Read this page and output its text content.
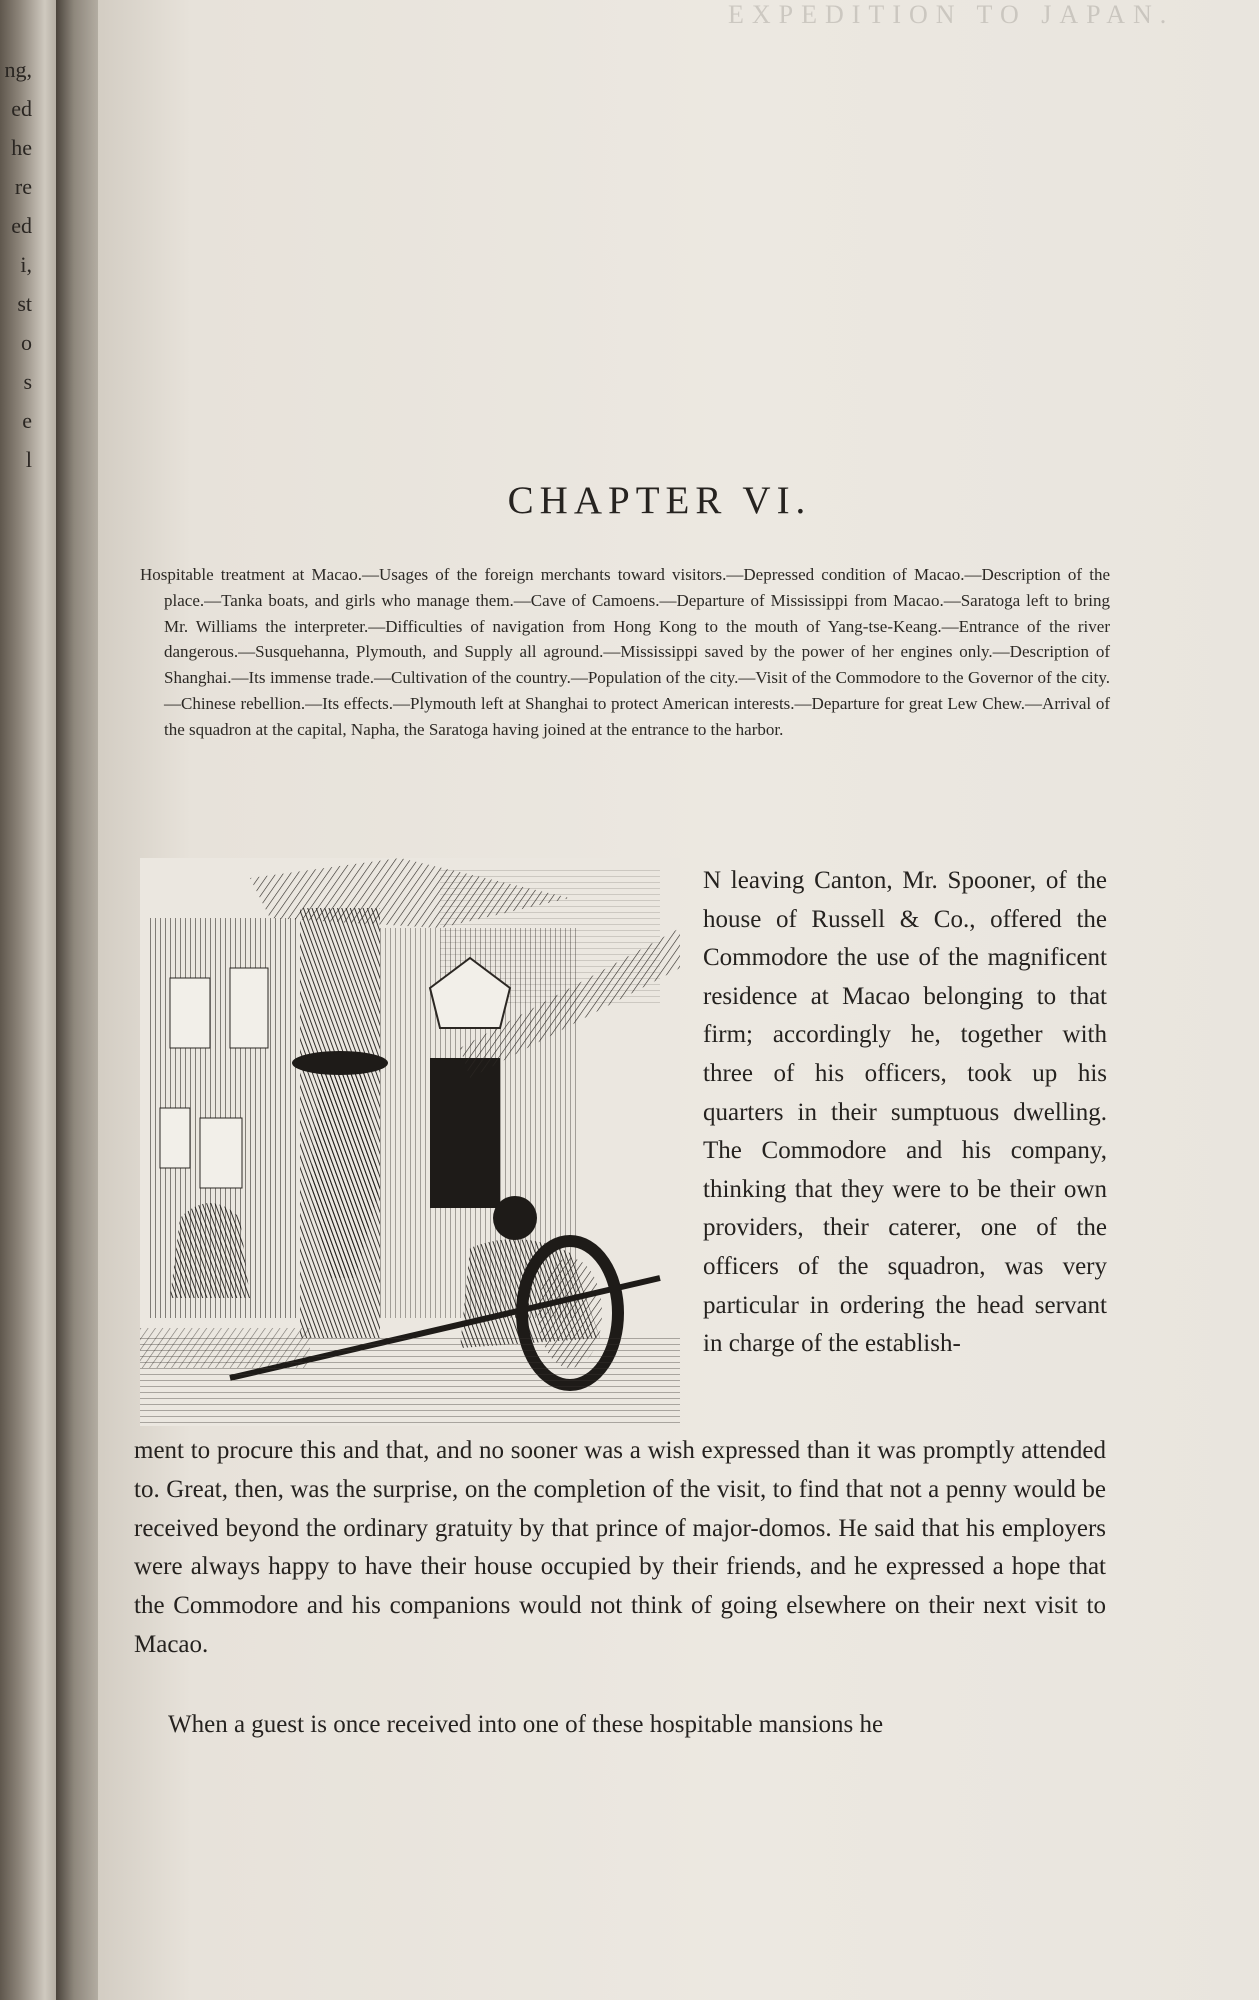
ng,
ed
he
re
ed
i,
st
o
s
e
l
EXPEDITION TO JAPAN.
CHAPTER VI.

Hospitable treatment at Macao.—Usages of the foreign merchants toward visitors.—Depressed condition of Macao.—Description of the place.—Tanka boats, and girls who manage them.—Cave of Camoens.—Departure of Mississippi from Macao.—Saratoga left to bring Mr. Williams the interpreter.—Difficulties of navigation from Hong Kong to the mouth of Yang-tse-Keang.—Entrance of the river dangerous.—Susquehanna, Plymouth, and Supply all aground.—Mississippi saved by the power of her engines only.—Description of Shanghai.—Its immense trade.—Cultivation of the country.—Population of the city.—Visit of the Commodore to the Governor of the city.—Chinese rebellion.—Its effects.—Plymouth left at Shanghai to protect American interests.—Departure for great Lew Chew.—Arrival of the squadron at the capital, Napha, the Saratoga having joined at the entrance to the harbor.

N leaving Canton, Mr. Spooner, of the house of Russell & Co., offered the Commodore the use of the magnificent residence at Macao belonging to that firm; accordingly he, together with three of his officers, took up his quarters in their sumptuous dwelling. The Commodore and his company, thinking that they were to be their own providers, their caterer, one of the officers of the squadron, was very particular in ordering the head servant in charge of the establish-

ment to procure this and that, and no sooner was a wish expressed than it was promptly attended to. Great, then, was the surprise, on the completion of the visit, to find that not a penny would be received beyond the ordinary gratuity by that prince of major-domos. He said that his employers were always happy to have their house occupied by their friends, and he expressed a hope that the Commodore and his companions would not think of going elsewhere on their next visit to Macao.

When a guest is once received into one of these hospitable mansions he
